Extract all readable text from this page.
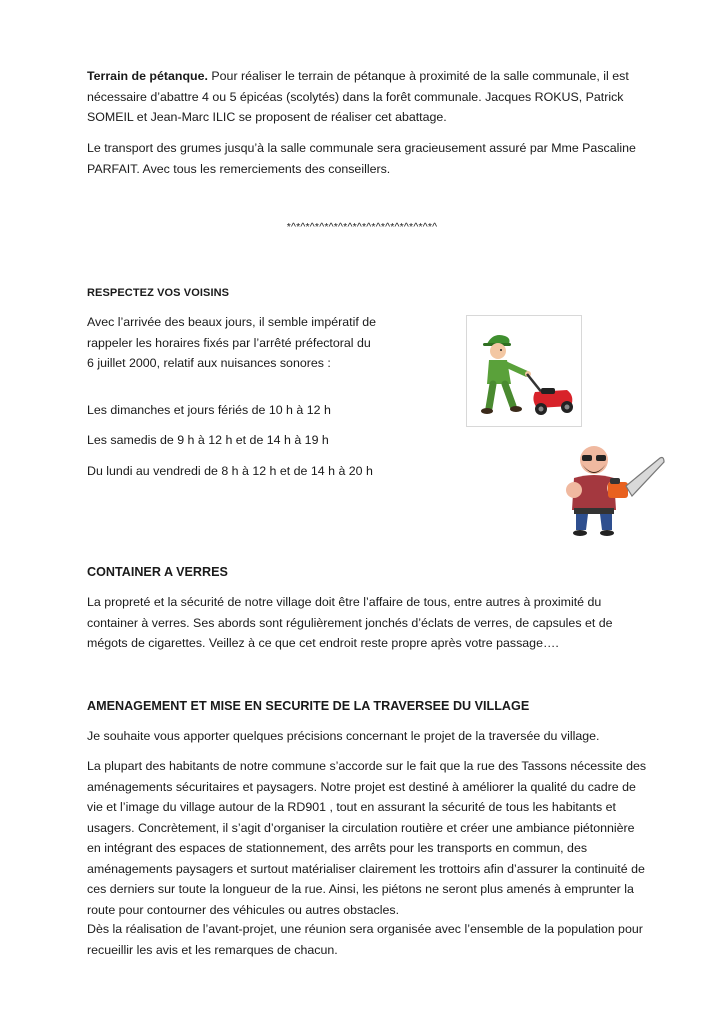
Terrain de pétanque. Pour réaliser le terrain de pétanque à proximité de la salle communale, il est nécessaire d’abattre 4 ou 5 épicéas (scolytés) dans la forêt communale. Jacques ROKUS, Patrick SOMEIL et Jean-Marc ILIC se proposent de réaliser cet abattage.

Le transport des grumes jusqu’à la salle communale sera gracieusement assuré par Mme Pascaline PARFAIT. Avec tous les remerciements des conseillers.

*^*^*^*^*^*^*^*^*^*^*^*^*^*^*^*^
RESPECTEZ VOS VOISINS

Avec l’arrivée des beaux jours, il semble impératif de rappeler les horaires fixés par l’arrêté préfectoral du 6 juillet 2000, relatif aux nuisances sonores :

Les dimanches et jours fériés de 10 h à 12 h

Les samedis de 9 h à 12 h et de 14 h à 19 h

Du lundi au vendredi de 8 h à 12 h et de 14 h à 20 h

CONTAINER A VERRES

La propreté et la sécurité de notre village doit être l’affaire de tous, entre autres à proximité du container à verres. Ses abords sont régulièrement jonchés d’éclats de verres, de capsules et de mégots de cigarettes. Veillez à ce que cet endroit reste propre après votre passage….

AMENAGEMENT ET MISE EN SECURITE DE LA TRAVERSEE DU VILLAGE

Je souhaite vous apporter quelques précisions concernant le projet de la traversée du village.

La plupart des habitants de notre commune s’accorde sur le fait que la rue des Tassons nécessite des aménagements sécuritaires et paysagers. Notre projet est destiné à améliorer la qualité du cadre de vie et l’image du village autour de la RD901 , tout en assurant la sécurité de tous les habitants et usagers. Concrètement, il s’agit d’organiser la circulation routière et créer une ambiance piétonnière en intégrant des espaces de stationnement, des arrêts pour les transports en commun, des aménagements paysagers et surtout matérialiser clairement les trottoirs afin d’assurer la continuité de ces derniers sur toute la longueur de la rue. Ainsi, les piétons ne seront plus amenés à emprunter la route pour contourner des véhicules ou autres obstacles.

Dès la réalisation de l’avant-projet, une réunion sera organisée avec l’ensemble de la population pour recueillir les avis et les remarques de chacun.
